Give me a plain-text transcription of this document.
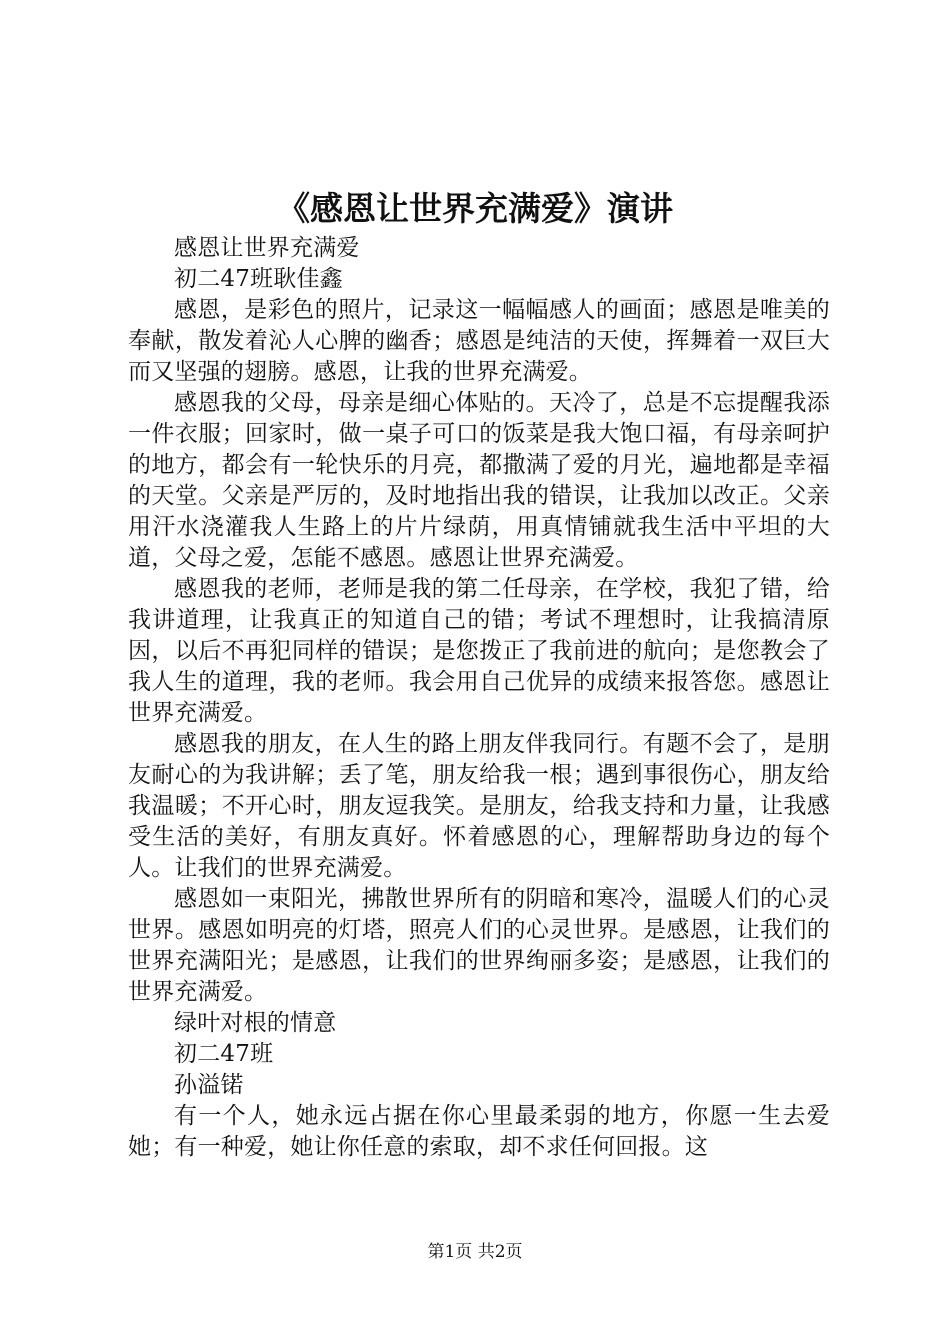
《感恩让世界充满爱》演讲

感恩让世界充满爱

初二47班耿佳鑫

感恩，是彩色的照片，记录这一幅幅感人的画面；感恩是唯美的奉献，散发着沁人心脾的幽香；感恩是纯洁的天使，挥舞着一双巨大而又坚强的翅膀。感恩，让我的世界充满爱。

感恩我的父母，母亲是细心体贴的。天冷了，总是不忘提醒我添一件衣服；回家时，做一桌子可口的饭菜是我大饱口福，有母亲呵护的地方，都会有一轮快乐的月亮，都撒满了爱的月光，遍地都是幸福的天堂。父亲是严厉的，及时地指出我的错误，让我加以改正。父亲用汗水浇灌我人生路上的片片绿荫，用真情铺就我生活中平坦的大道，父母之爱，怎能不感恩。感恩让世界充满爱。

感恩我的老师，老师是我的第二任母亲，在学校，我犯了错，给我讲道理，让我真正的知道自己的错；考试不理想时，让我搞清原因，以后不再犯同样的错误；是您拨正了我前进的航向；是您教会了我人生的道理，我的老师。我会用自己优异的成绩来报答您。感恩让世界充满爱。

感恩我的朋友，在人生的路上朋友伴我同行。有题不会了，是朋友耐心的为我讲解；丢了笔，朋友给我一根；遇到事很伤心，朋友给我温暖；不开心时，朋友逗我笑。是朋友，给我支持和力量，让我感受生活的美好，有朋友真好。怀着感恩的心，理解帮助身边的每个人。让我们的世界充满爱。

感恩如一束阳光，拂散世界所有的阴暗和寒冷，温暖人们的心灵世界。感恩如明亮的灯塔，照亮人们的心灵世界。是感恩，让我们的世界充满阳光；是感恩，让我们的世界绚丽多姿；是感恩，让我们的世界充满爱。

绿叶对根的情意

初二47班

孙溢锘

有一个人，她永远占据在你心里最柔弱的地方，你愿一生去爱她；有一种爱，她让你任意的索取，却不求任何回报。这

第1页 共2页
